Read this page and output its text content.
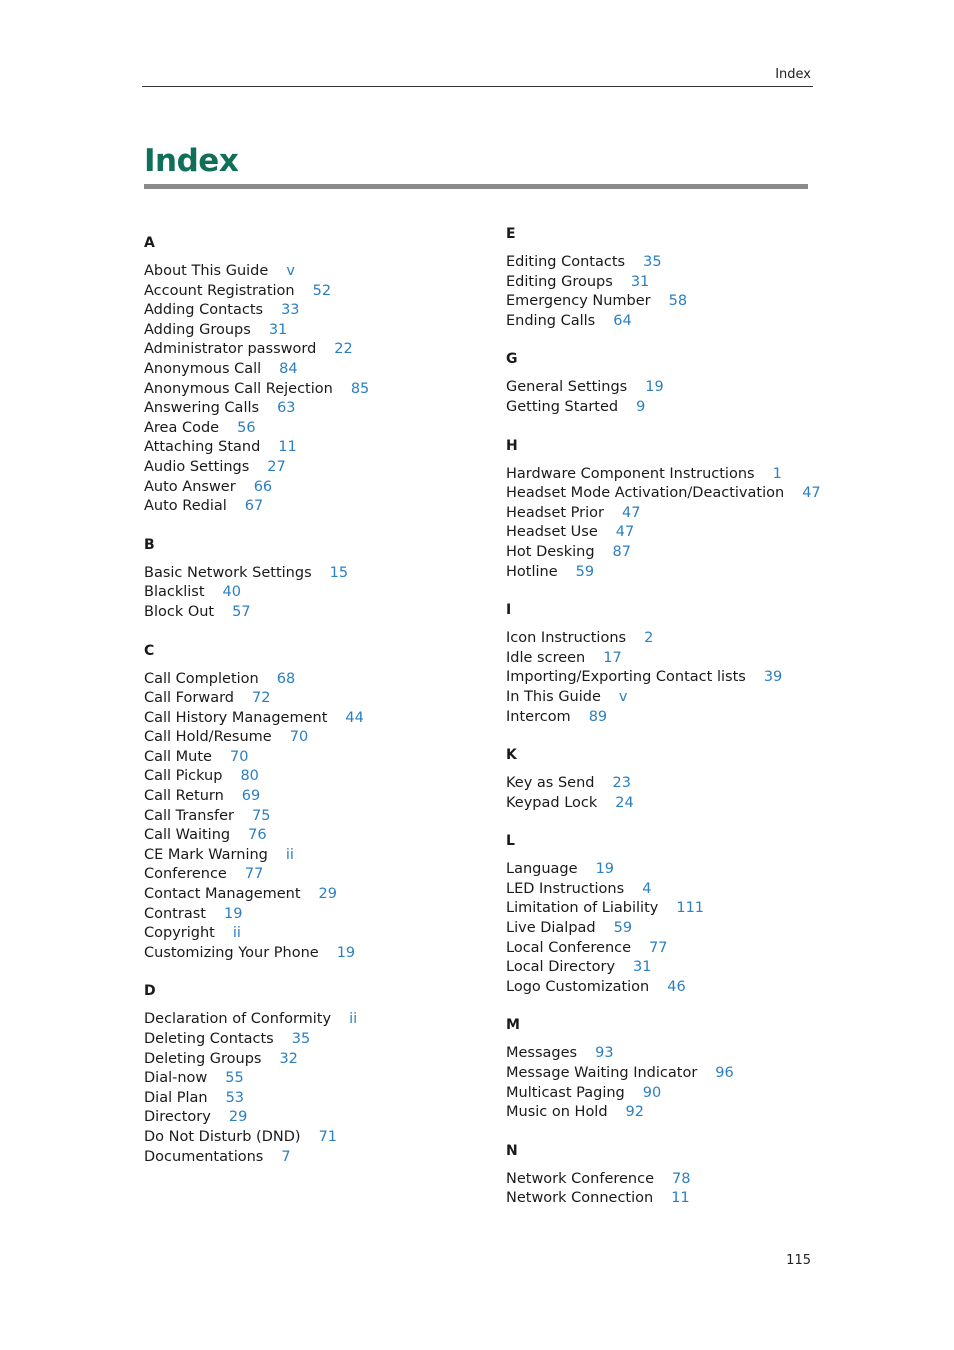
Index
Index
A
About This Guide v
Account Registration 52
Adding Contacts 33
Adding Groups 31
Administrator password 22
Anonymous Call 84
Anonymous Call Rejection 85
Answering Calls 63
Area Code 56
Attaching Stand 11
Audio Settings 27
Auto Answer 66
Auto Redial 67
B
Basic Network Settings 15
Blacklist 40
Block Out 57
C
Call Completion 68
Call Forward 72
Call History Management 44
Call Hold/Resume 70
Call Mute 70
Call Pickup 80
Call Return 69
Call Transfer 75
Call Waiting 76
CE Mark Warning ii
Conference 77
Contact Management 29
Contrast 19
Copyright ii
Customizing Your Phone 19
D
Declaration of Conformity ii
Deleting Contacts 35
Deleting Groups 32
Dial-now 55
Dial Plan 53
Directory 29
Do Not Disturb (DND) 71
Documentations 7
E
Editing Contacts 35
Editing Groups 31
Emergency Number 58
Ending Calls 64
G
General Settings 19
Getting Started 9
H
Hardware Component Instructions 1
Headset Mode Activation/Deactivation 47
Headset Prior 47
Headset Use 47
Hot Desking 87
Hotline 59
I
Icon Instructions 2
Idle screen 17
Importing/Exporting Contact lists 39
In This Guide v
Intercom 89
K
Key as Send 23
Keypad Lock 24
L
Language 19
LED Instructions 4
Limitation of Liability 111
Live Dialpad 59
Local Conference 77
Local Directory 31
Logo Customization 46
M
Messages 93
Message Waiting Indicator 96
Multicast Paging 90
Music on Hold 92
N
Network Conference 78
Network Connection 11
115
